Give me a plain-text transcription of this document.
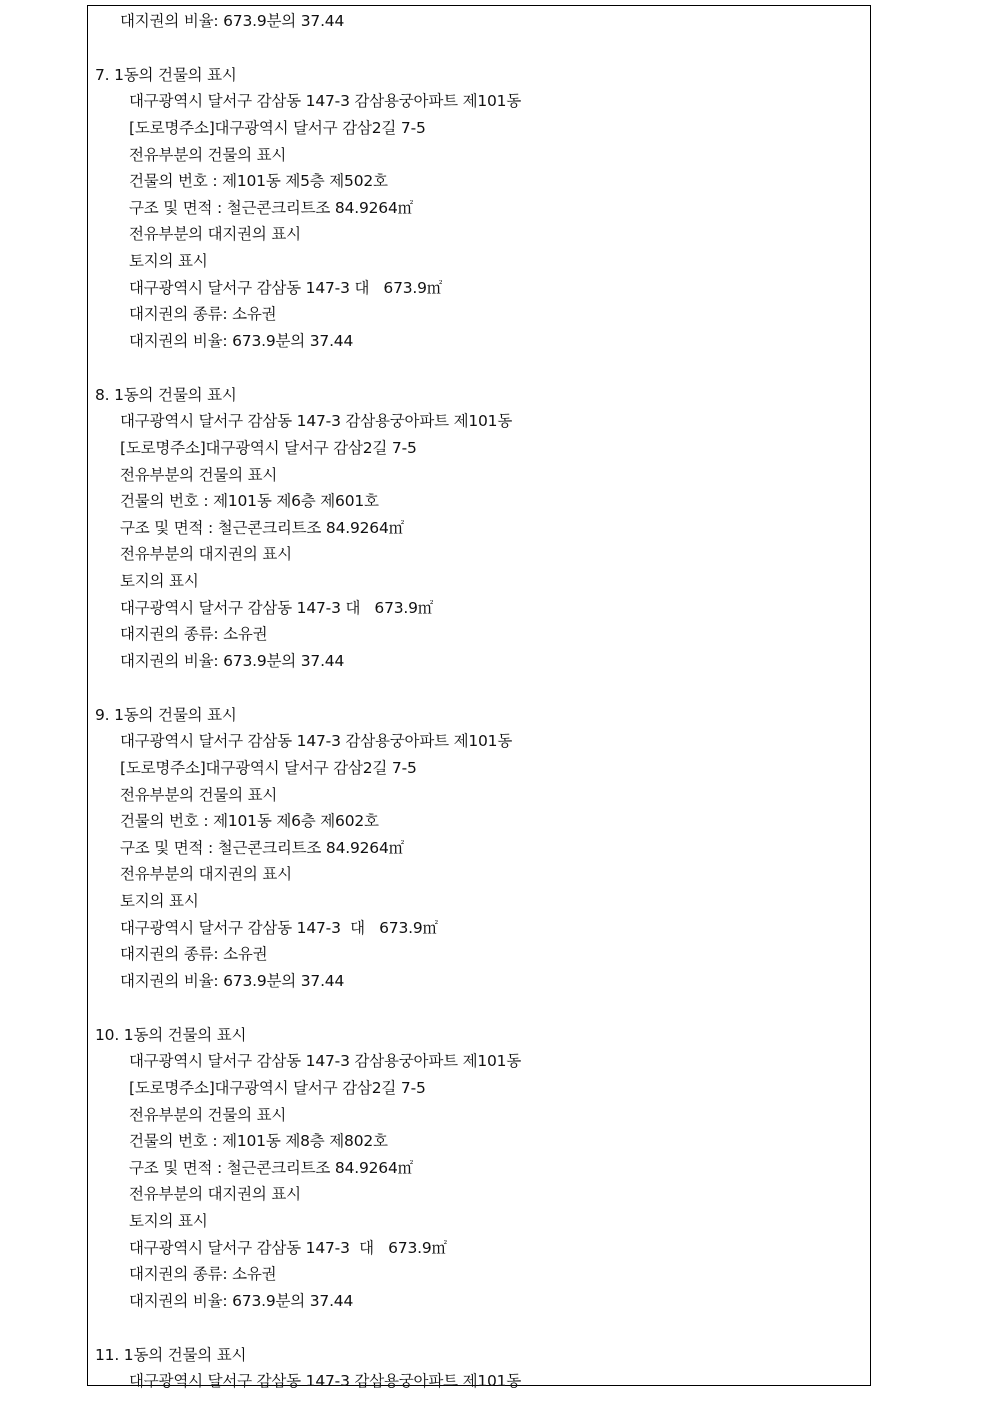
대지권의 비율: 673.9분의 37.44
7. 1동의 건물의 표시
대구광역시 달서구 감삼동 147-3 감삼용궁아파트 제101동
[도로명주소]대구광역시 달서구 감삼2길 7-5
전유부분의 건물의 표시
건물의 번호 : 제101동 제5층 제502호
구조 및 면적 : 철근콘크리트조 84.9264㎡
전유부분의 대지권의 표시
토지의 표시
대구광역시 달서구 감삼동 147-3 대   673.9㎡
대지권의 종류: 소유권
대지권의 비율: 673.9분의 37.44
8. 1동의 건물의 표시
대구광역시 달서구 감삼동 147-3 감삼용궁아파트 제101동
[도로명주소]대구광역시 달서구 감삼2길 7-5
전유부분의 건물의 표시
건물의 번호 : 제101동 제6층 제601호
구조 및 면적 : 철근콘크리트조 84.9264㎡
전유부분의 대지권의 표시
토지의 표시
대구광역시 달서구 감삼동 147-3 대   673.9㎡
대지권의 종류: 소유권
대지권의 비율: 673.9분의 37.44
9. 1동의 건물의 표시
대구광역시 달서구 감삼동 147-3 감삼용궁아파트 제101동
[도로명주소]대구광역시 달서구 감삼2길 7-5
전유부분의 건물의 표시
건물의 번호 : 제101동 제6층 제602호
구조 및 면적 : 철근콘크리트조 84.9264㎡
전유부분의 대지권의 표시
토지의 표시
대구광역시 달서구 감삼동 147-3  대   673.9㎡
대지권의 종류: 소유권
대지권의 비율: 673.9분의 37.44
10. 1동의 건물의 표시
대구광역시 달서구 감삼동 147-3 감삼용궁아파트 제101동
[도로명주소]대구광역시 달서구 감삼2길 7-5
전유부분의 건물의 표시
건물의 번호 : 제101동 제8층 제802호
구조 및 면적 : 철근콘크리트조 84.9264㎡
전유부분의 대지권의 표시
토지의 표시
대구광역시 달서구 감삼동 147-3  대   673.9㎡
대지권의 종류: 소유권
대지권의 비율: 673.9분의 37.44
11. 1동의 건물의 표시
대구광역시 달서구 감삼동 147-3 감삼용궁아파트 제101동
